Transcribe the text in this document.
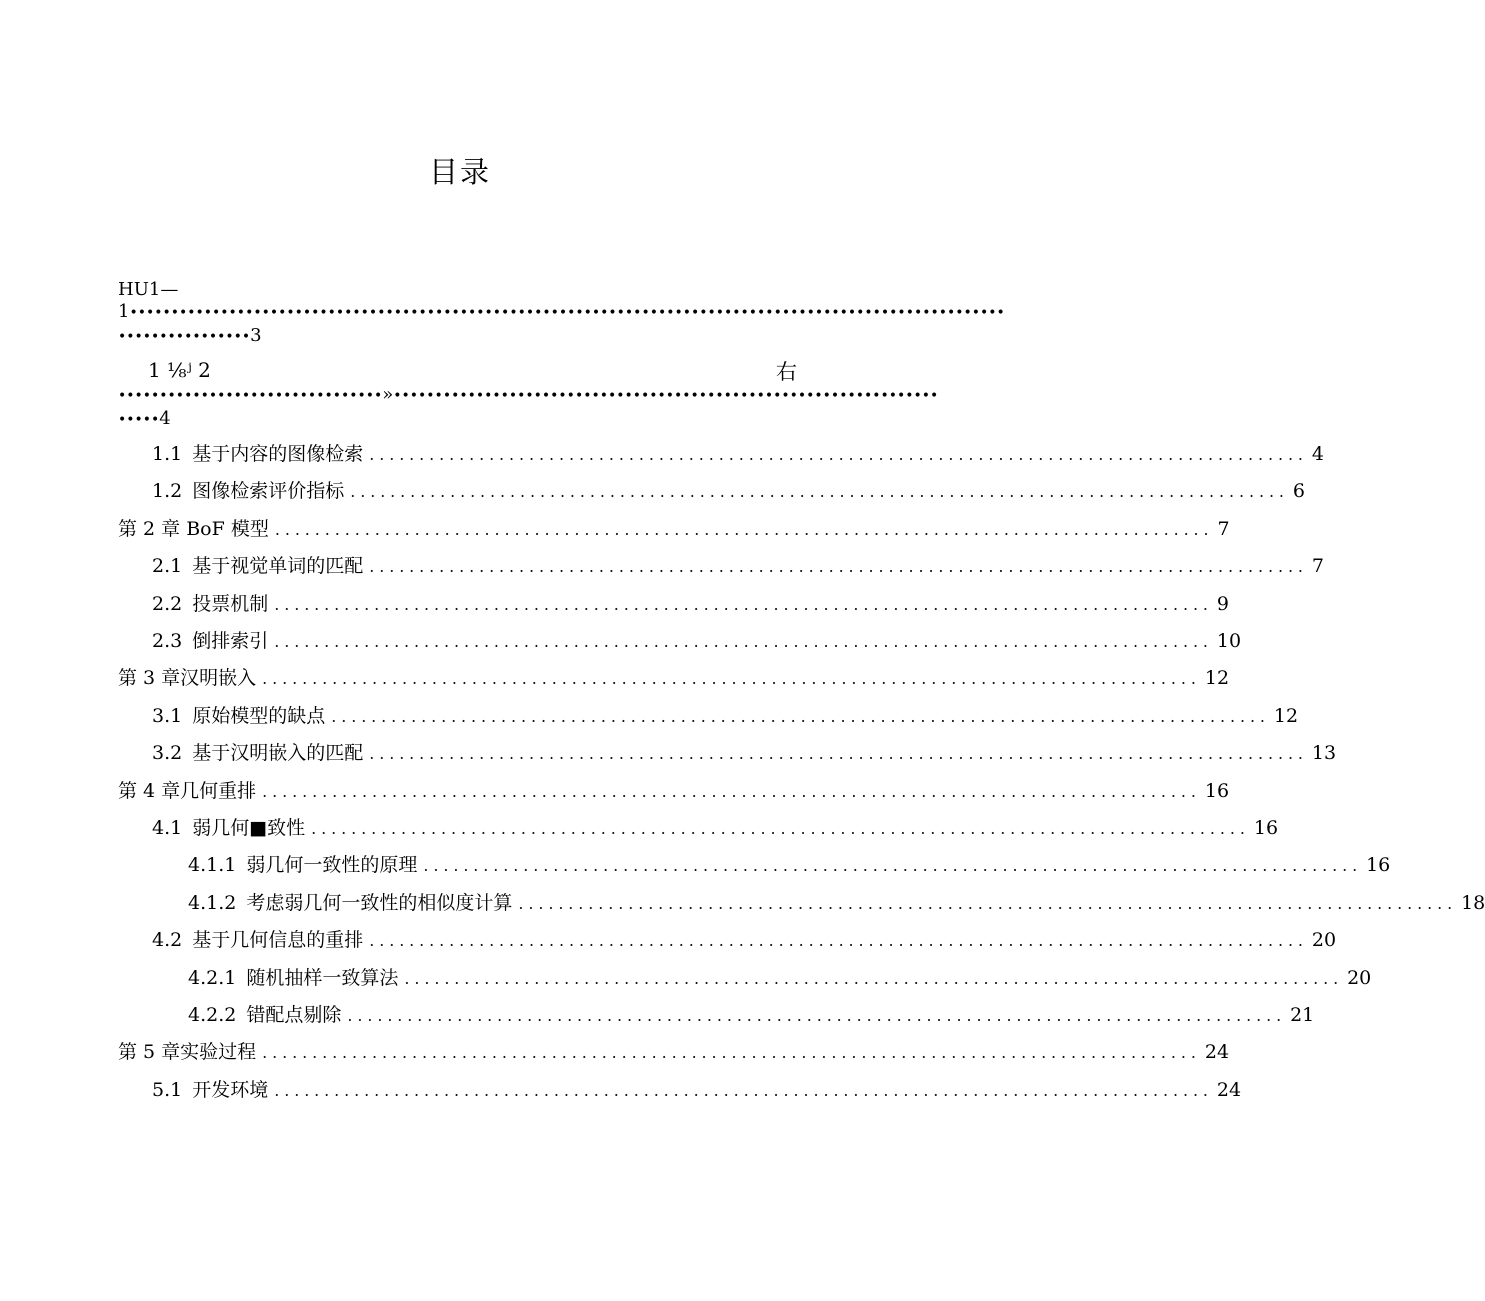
目录
HU1—
1••••••••••••••••••••••••••••••••••••••••••••••••••••••••••••••••••••••••••••••••••••••••••••••••••••••••••
••••••••••••••••3
1 ⅛ʲ 2	右
••••••••••••••••••••••••••••••••»••••••••••••••••••••••••••••••••••••••••••••••••••••••••••••••••••
•••••4
1.1 基于内容的图像检索 .............................................................................................. 4
1.2 图像检索评价指标 .............................................................................................. 6
第 2 章 BoF 模型 .............................................................................................. 7
2.1 基于视觉单词的匹配 .............................................................................................. 7
2.2 投票机制 .............................................................................................. 9
2.3 倒排索引 .............................................................................................. 10
第 3 章汉明嵌入 .............................................................................................. 12
3.1 原始模型的缺点 .............................................................................................. 12
3.2 基于汉明嵌入的匹配 .............................................................................................. 13
第 4 章几何重排 .............................................................................................. 16
4.1 弱几何■致性 .............................................................................................. 16
4.1.1 弱几何一致性的原理 .............................................................................................. 16
4.1.2 考虑弱几何一致性的相似度计算 .............................................................................................. 18
4.2 基于几何信息的重排 .............................................................................................. 20
4.2.1 随机抽样一致算法 .............................................................................................. 20
4.2.2 错配点剔除 .............................................................................................. 21
第 5 章实验过程 .............................................................................................. 24
5.1 开发环境 .............................................................................................. 24
